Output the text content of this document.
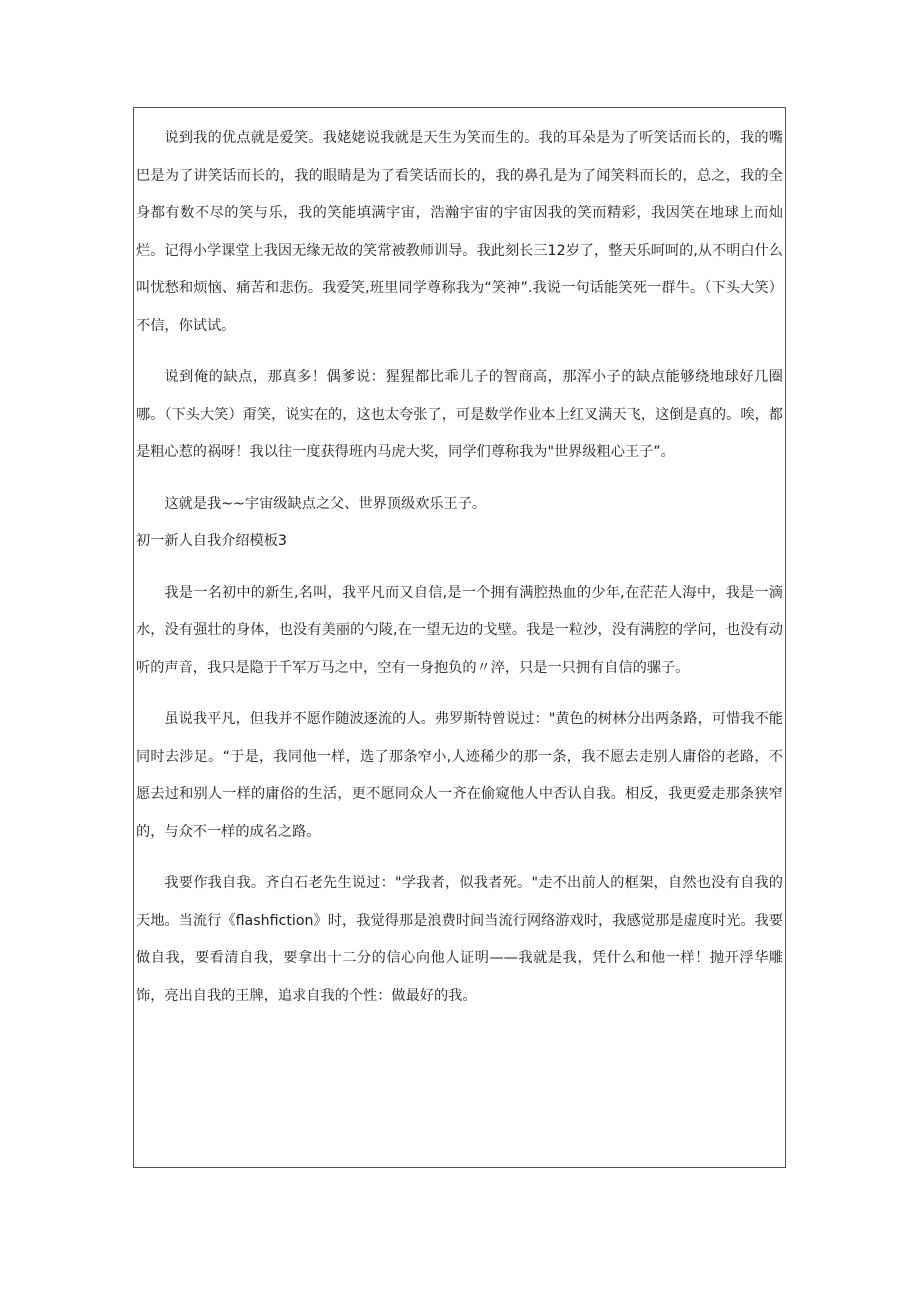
说到我的优点就是爱笑。我姥姥说我就是天生为笑而生的。我的耳朵是为了听笑话而长的，我的嘴巴是为了讲笑话而长的，我的眼睛是为了看笑话而长的，我的鼻孔是为了闻笑料而长的，总之，我的全身都有数不尽的笑与乐，我的笑能填满宇宙，浩瀚宇宙的宇宙因我的笑而精彩，我因笑在地球上而灿烂。记得小学课堂上我因无缘无故的笑常被教师训导。我此刻长三12岁了，整天乐呵呵的,从不明白什么叫忧愁和烦恼、痛苦和悲伤。我爱笑,班里同学尊称我为“笑神”.我说一句话能笑死一群牛。（下头大笑）不信，你试试。

说到俺的缺点，那真多！偶爹说：猩猩都比乖儿子的智商高，那浑小子的缺点能够绕地球好几圈哪。（下头大笑）甭笑，说实在的，这也太夸张了，可是数学作业本上红叉满天飞，这倒是真的。唉，都是粗心惹的祸呀！我以往一度获得班内马虎大奖，同学们尊称我为"世界级粗心王子”。

这就是我~~宇宙级缺点之父、世界顶级欢乐王子。

初一新人自我介绍模板3

我是一名初中的新生,名叫，我平凡而又自信,是一个拥有满腔热血的少年,在茫茫人海中，我是一滴水，没有强壮的身体，也没有美丽的勺陵,在一望无边的戈壁。我是一粒沙，没有满腔的学问，也没有动听的声音，我只是隐于千军万马之中，空有一身抱负的〃淬，只是一只拥有自信的骡子。

虽说我平凡，但我并不愿作随波逐流的人。弗罗斯特曾说过："黄色的树林分出两条路，可惜我不能同时去涉足。“于是，我同他一样，选了那条窄小,人迹稀少的那一条，我不愿去走别人庸俗的老路，不愿去过和别人一样的庸俗的生活，更不愿同众人一齐在偷窥他人中否认自我。相反，我更爱走那条狭窄的，与众不一样的成名之路。

我要作我自我。齐白石老先生说过："学我者，似我者死。"走不出前人的框架，自然也没有自我的天地。当流行《flashfiction》时，我觉得那是浪费时间当流行网络游戏时，我感觉那是虚度时光。我要做自我，要看清自我，要拿出十二分的信心向他人证明——我就是我，凭什么和他一样！抛开浮华雕饰，亮出自我的王牌，追求自我的个性：做最好的我。
